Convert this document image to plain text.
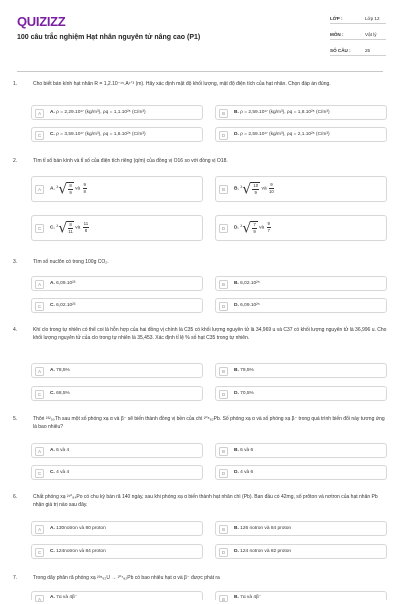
QUIZIZZ
100 câu trắc nghiệm Hạt nhân nguyên tử nâng cao (P1)
LỚP :	Lớp 12
MÔN :	Vật lý
SỐ CÂU :	25
1.	Cho biết bán kính hạt nhân R = 1,2.10⁻¹⁵.A¹ᐟ³ (m). Hãy xác định mật độ khối lượng, mật độ điện tích của hạt nhân. Chọn đáp án đúng.
A	A. ρ = 2,29.10¹⁷ (kg/m³), ρq = 1,1.10²⁵ (C/m³)	B	B. ρ = 2,59.10¹⁷ (kg/m³), ρq = 1,8.10²⁵ (C/m³)
C	C. ρ = 3,59.10¹⁷ (kg/m³), ρq = 1,6.10²⁵ (C/m³)	D	D. ρ = 2,59.10¹⁷ (kg/m³), ρq = 2,1.10²⁵ (C/m³)
2.	Tìm tỉ số bán kính và tỉ số của điện tích riêng (q/m) của đồng vị O16 so với đồng vị O18.
A	A. $^3√ \frac{8}{9}$ và $\frac{9}{8}$	B	B. $^3√ \frac{10}{9}$ và $\frac{9}{10}$
C	C. $^3√ \frac{8}{11}$ và $\frac{11}{8}$	D	D. $^3√ \frac{7}{9}$ và $\frac{9}{7}$
3.	Tìm số nuclôn có trong 100g CO₂.
A	A. 6,09.10²³	B	B. 6,02.10²⁵
C	C. 6,02.10²³	D	D. 6,09.10²⁵
4.	Khí clo trong tự nhiên có thể coi là hỗn hợp của hai đồng vị chính là C35 có khối lượng nguyên tử là 34,969 u và C37 có khối lượng nguyên tử là 36,996 u. Cho khối lượng nguyên tử của clo trong tự nhiên là 35,453. Xác định tỉ lệ % số hạt C35 trong tự nhiên.
A	A. 78,5%	B	B. 79,5%
C	C. 68,5%	D	D. 70,5%
5.	Thôri ²³²₉₀Th sau một số phóng xạ α và β⁻ sẽ biến thành đồng vị bền của chì ²⁰⁸₈₂Pb. Số phóng xạ α và số phóng xạ β⁻ trong quá trình biến đổi này tương ứng là bao nhiêu?
A	A. 6 và 4	B	B. 6 và 6
C	C. 4 và 4	D	D. 4 và 6
6.	Chất phóng xạ ²¹⁰₈₄Po có chu kỳ bán rã 140 ngày, sau khi phóng xạ α biến thành hạt nhân chì (Pb). Ban đầu có 42mg, số prôton và nơtron của hạt nhân Pb nhận giá trị nào sau đây.
A	A. 130notron và 80 proton	B	B. 126 notron và 84 proton
C	C. 124notron và 84 proton	D	D. 124 notron và 82 proton
7.	Trong dãy phân rã phóng xạ ²³⁵₉₂U → ²⁰⁷₈₂Pb có bao nhiêu hạt α và β⁻ được phát ra
A	A. 7α và 4β⁻	B	B. 7α và 4β⁻
